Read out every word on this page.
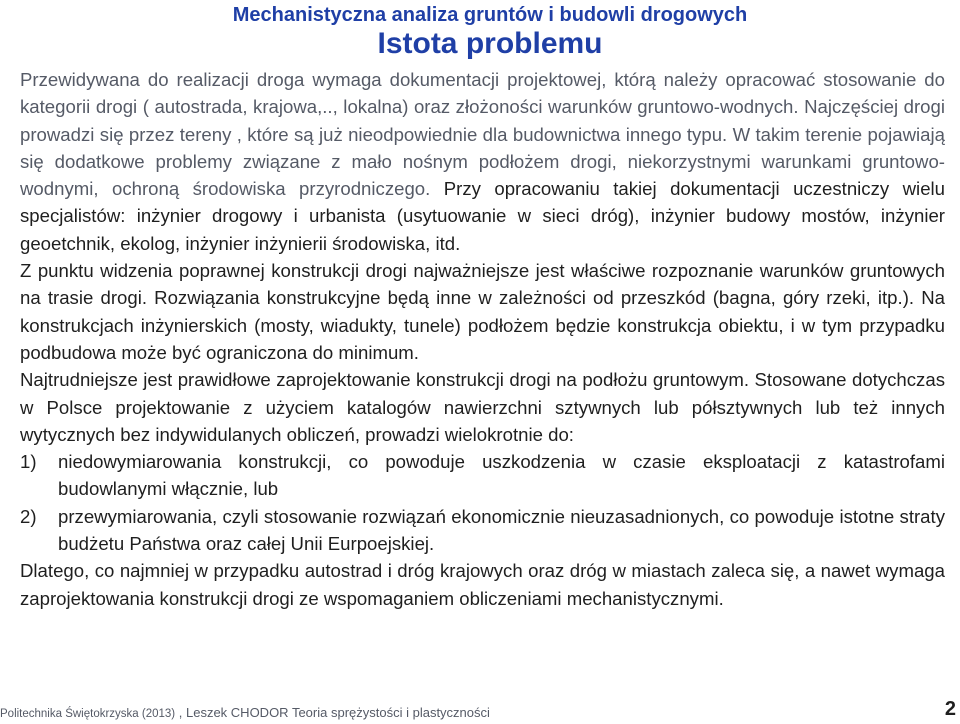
Mechanistyczna analiza gruntów i budowli drogowych
Istota problemu

Przewidywana do realizacji droga wymaga dokumentacji projektowej, którą należy opracować stosowanie do kategorii drogi ( autostrada, krajowa,.., lokalna) oraz złożoności warunków gruntowo-wodnych. Najczęściej drogi prowadzi się przez tereny , które są już nieodpowiednie dla budownictwa innego typu. W takim terenie pojawiają się dodatkowe problemy związane z mało nośnym podłożem drogi, niekorzystnymi warunkami gruntowo-wodnymi, ochroną środowiska przyrodniczego. Przy opracowaniu takiej dokumentacji uczestniczy wielu specjalistów: inżynier drogowy i urbanista (usytuowanie w sieci dróg), inżynier budowy mostów, inżynier geoetchnik, ekolog, inżynier inżynierii środowiska, itd.

Z punktu widzenia poprawnej konstrukcji drogi najważniejsze jest właściwe rozpoznanie warunków gruntowych na trasie drogi. Rozwiązania konstrukcyjne będą inne w zależności od przeszkód (bagna, góry rzeki, itp.). Na konstrukcjach inżynierskich (mosty, wiadukty, tunele) podłożem będzie konstrukcja obiektu, i w tym przypadku podbudowa może być ograniczona do minimum.

Najtrudniejsze jest prawidłowe zaprojektowanie konstrukcji drogi na podłożu gruntowym. Stosowane dotychczas w Polsce projektowanie z użyciem katalogów nawierzchni sztywnych lub półsztywnych lub też innych wytycznych bez indywidulanych obliczeń, prowadzi wielokrotnie do:

1) niedowymiarowania konstrukcji, co powoduje uszkodzenia w czasie eksploatacji z katastrofami budowlanymi włącznie, lub
2) przewymiarowania, czyli stosowanie rozwiązań ekonomicznie nieuzasadnionych, co powoduje istotne straty budżetu Państwa oraz całej Unii Eurpoejskiej.

Dlatego, co najmniej w przypadku autostrad i dróg krajowych oraz dróg w miastach zaleca się, a nawet wymaga zaprojektowania konstrukcji drogi ze wspomaganiem obliczeniami mechanistycznymi.

Politechnika Świętokrzyska (2013) , Leszek CHODOR Teoria sprężystości i plastyczności	2
